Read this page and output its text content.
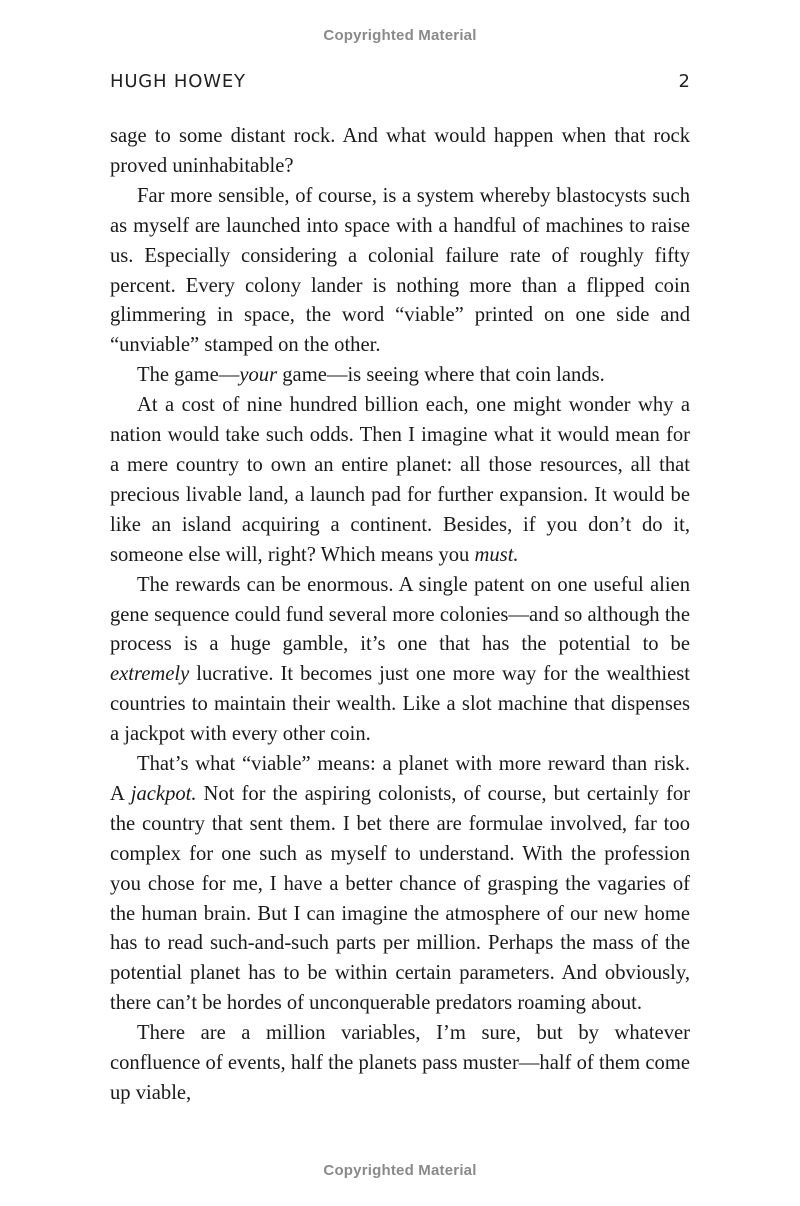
Copyrighted Material
HUGH HOWEY	2

sage to some distant rock. And what would happen when that rock proved uninhabitable?

Far more sensible, of course, is a system whereby blastocysts such as myself are launched into space with a handful of machines to raise us. Especially considering a colonial failure rate of roughly fifty percent. Every colony lander is nothing more than a flipped coin glimmering in space, the word “viable” printed on one side and “unviable” stamped on the other.

The game—your game—is seeing where that coin lands.

At a cost of nine hundred billion each, one might wonder why a nation would take such odds. Then I imagine what it would mean for a mere country to own an entire planet: all those resources, all that precious livable land, a launch pad for further expansion. It would be like an island acquiring a continent. Besides, if you don’t do it, someone else will, right? Which means you must.

The rewards can be enormous. A single patent on one useful alien gene sequence could fund several more colonies—and so although the process is a huge gamble, it’s one that has the potential to be extremely lucrative. It becomes just one more way for the wealthiest countries to maintain their wealth. Like a slot machine that dispenses a jackpot with every other coin.

That’s what “viable” means: a planet with more reward than risk. A jackpot. Not for the aspiring colonists, of course, but certainly for the country that sent them. I bet there are formulae involved, far too complex for one such as myself to understand. With the profession you chose for me, I have a better chance of grasping the vagaries of the human brain. But I can imagine the atmosphere of our new home has to read such-and-such parts per million. Perhaps the mass of the potential planet has to be within certain parameters. And obviously, there can’t be hordes of unconquerable predators roaming about.

There are a million variables, I’m sure, but by whatever confluence of events, half the planets pass muster—half of them come up viable,

Copyrighted Material
